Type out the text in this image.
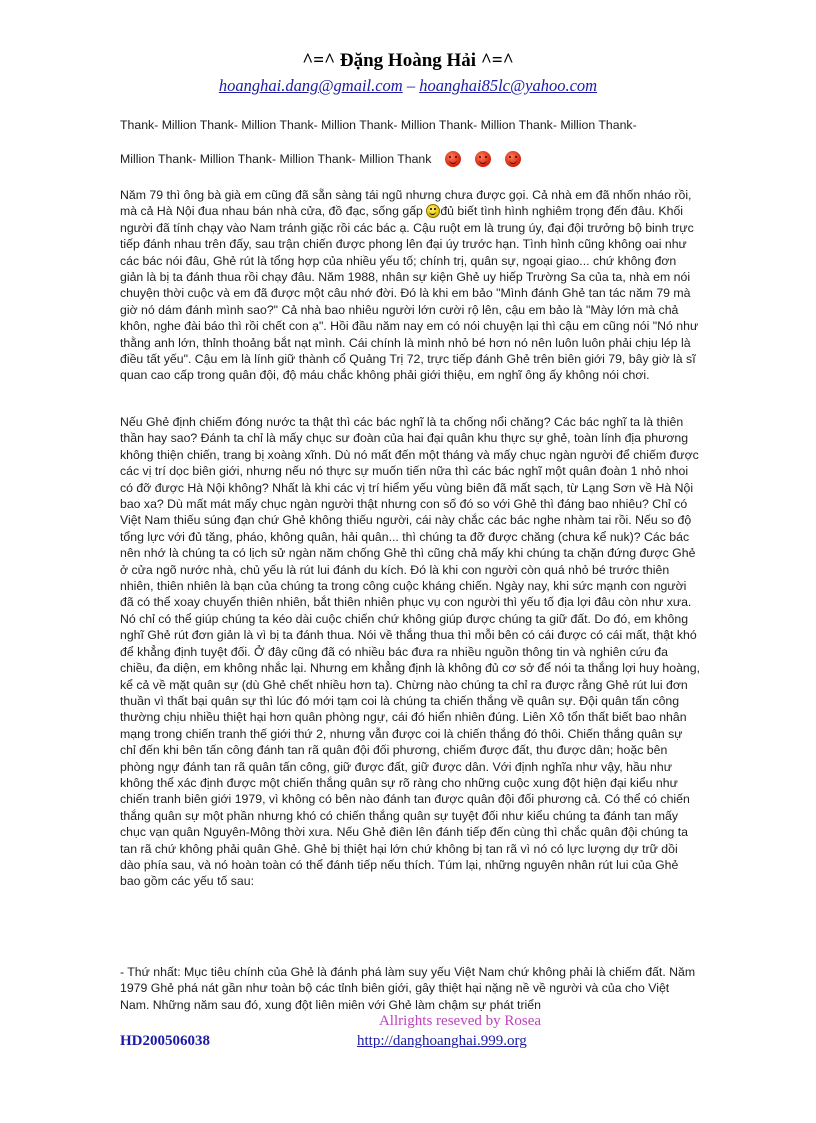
^=^ Đặng Hoàng Hải ^=^
hoanghai.dang@gmail.com – hoanghai85lc@yahoo.com

Thank- Million Thank- Million Thank- Million Thank- Million Thank- Million Thank- Million Thank-

Million Thank- Million Thank- Million Thank- Million Thank

Năm 79 thì ông bà già em cũng đã sẵn sàng tái ngũ nhưng chưa được gọi. Cả nhà em đã nhốn nháo rồi, mà cả Hà Nội đua nhau bán nhà cửa, đồ đạc, sống gấp đủ biết tình hình nghiêm trọng đến đâu. Khối người đã tính chạy vào Nam tránh giặc rồi các bác ạ. Cậu ruột em là trung úy, đại đội trưởng bộ binh trực tiếp đánh nhau trên đấy, sau trận chiến được phong lên đại úy trước hạn. Tình hình cũng không oai như các bác nói đâu, Ghẻ rút là tổng hợp của nhiều yếu tố; chính trị, quân sự, ngoại giao... chứ không đơn giản là bị ta đánh thua rồi chạy đâu. Năm 1988, nhân sự kiện Ghẻ uy hiếp Trường Sa của ta, nhà em nói chuyện thời cuộc và em đã được một câu nhớ đời. Đó là khi em bảo "Mình đánh Ghẻ tan tác năm 79 mà giờ nó dám đánh mình sao?" Cả nhà bao nhiêu người lớn cười rộ lên, cậu em bảo là "Mày lớn mà chả khôn, nghe đài báo thì rồi chết con ạ". Hồi đầu năm nay em có nói chuyện lại thì cậu em cũng nói "Nó như thằng anh lớn, thỉnh thoảng bắt nạt mình. Cái chính là mình nhỏ bé hơn nó nên luôn luôn phải chịu lép là điều tất yếu". Cậu em là lính giữ thành cổ Quảng Trị 72, trực tiếp đánh Ghẻ trên biên giới 79, bây giờ là sĩ quan cao cấp trong quân đội, độ máu chắc không phải giới thiệu, em nghĩ ông ấy không nói chơi.

Nếu Ghẻ định chiếm đóng nước ta thật thì các bác nghĩ là ta chống nổi chăng? Các bác nghĩ ta là thiên thần hay sao? Đánh ta chỉ là mấy chục sư đoàn của hai đại quân khu thực sự ghẻ, toàn lính địa phương không thiện chiến, trang bị xoàng xĩnh. Dù nó mất đến một tháng và mấy chục ngàn người để chiếm được các vị trí dọc biên giới, nhưng nếu nó thực sự muốn tiến nữa thì các bác nghĩ một quân đoàn 1 nhỏ nhoi có đỡ được Hà Nội không? Nhất là khi các vị trí hiểm yếu vùng biên đã mất sạch, từ Lạng Sơn về Hà Nội bao xa? Dù mất mát mấy chục ngàn người thật nhưng con số đó so với Ghẻ thì đáng bao nhiêu? Chỉ có Việt Nam thiếu súng đạn chứ Ghẻ không thiếu người, cái này chắc các bác nghe nhàm tai rồi. Nếu so độ tổng lực với đủ tăng, pháo, không quân, hải quân... thì chúng ta đỡ được chăng (chưa kể nuk)? Các bác nên nhớ là chúng ta có lịch sử ngàn năm chống Ghẻ thì cũng chả mấy khi chúng ta chặn đứng được Ghẻ ở cửa ngõ nước nhà, chủ yếu là rút lui đánh du kích. Đó là khi con người còn quá nhỏ bé trước thiên nhiên, thiên nhiên là bạn của chúng ta trong công cuộc kháng chiến. Ngày nay, khi sức mạnh con người đã có thể xoay chuyển thiên nhiên, bắt thiên nhiên phục vụ con người thì yếu tố địa lợi đâu còn như xưa. Nó chỉ có thể giúp chúng ta kéo dài cuộc chiến chứ không giúp được chúng ta giữ đất. Do đó, em không nghĩ Ghẻ rút đơn giản là vì bị ta đánh thua. Nói về thắng thua thì mỗi bên có cái được có cái mất, thật khó để khẳng định tuyệt đối. Ở đây cũng đã có nhiều bác đưa ra nhiều nguồn thông tin và nghiên cứu đa chiều, đa diện, em không nhắc lại. Nhưng em khẳng định là không đủ cơ sở để nói ta thắng lợi huy hoàng, kể cả về mặt quân sự (dù Ghẻ chết nhiều hơn ta). Chừng nào chúng ta chỉ ra được rằng Ghẻ rút lui đơn thuần vì thất bại quân sự thì lúc đó mới tạm coi là chúng ta chiến thắng về quân sự. Đội quân tấn công thường chịu nhiều thiệt hại hơn quân phòng ngự, cái đó hiển nhiên đúng. Liên Xô tổn thất biết bao nhân mạng trong chiến tranh thế giới thứ 2, nhưng vẫn được coi là chiến thắng đó thôi. Chiến thắng quân sự chỉ đến khi bên tấn công đánh tan rã quân đội đối phương, chiếm được đất, thu được dân; hoặc bên phòng ngự đánh tan rã quân tấn công, giữ được đất, giữ được dân. Với định nghĩa như vậy, hầu như không thể xác định được một chiến thắng quân sự rõ ràng cho những cuộc xung đột hiện đại kiểu như chiến tranh biên giới 1979, vì không có bên nào đánh tan được quân đội đối phương cả. Có thể có chiến thắng quân sự một phần nhưng khó có chiến thắng quân sự tuyệt đối như kiểu chúng ta đánh tan mấy chục vạn quân Nguyên-Mông thời xưa. Nếu Ghẻ điên lên đánh tiếp đến cùng thì chắc quân đội chúng ta tan rã chứ không phải quân Ghẻ. Ghẻ bị thiệt hại lớn chứ không bị tan rã vì nó có lực lượng dự trữ dồi dào phía sau, và nó hoàn toàn có thể đánh tiếp nếu thích. Túm lại, những nguyên nhân rút lui của Ghẻ bao gồm các yếu tố sau:

- Thứ nhất: Mục tiêu chính của Ghẻ là đánh phá làm suy yếu Việt Nam chứ không phải là chiếm đất. Năm 1979 Ghẻ phá nát gần như toàn bộ các tỉnh biên giới, gây thiệt hại nặng nề về người và của cho Việt Nam. Những năm sau đó, xung đột liên miên với Ghẻ làm chậm sự phát triển

Allrights reseved by Rosea
HD200506038	http://danghoanghai.999.org
